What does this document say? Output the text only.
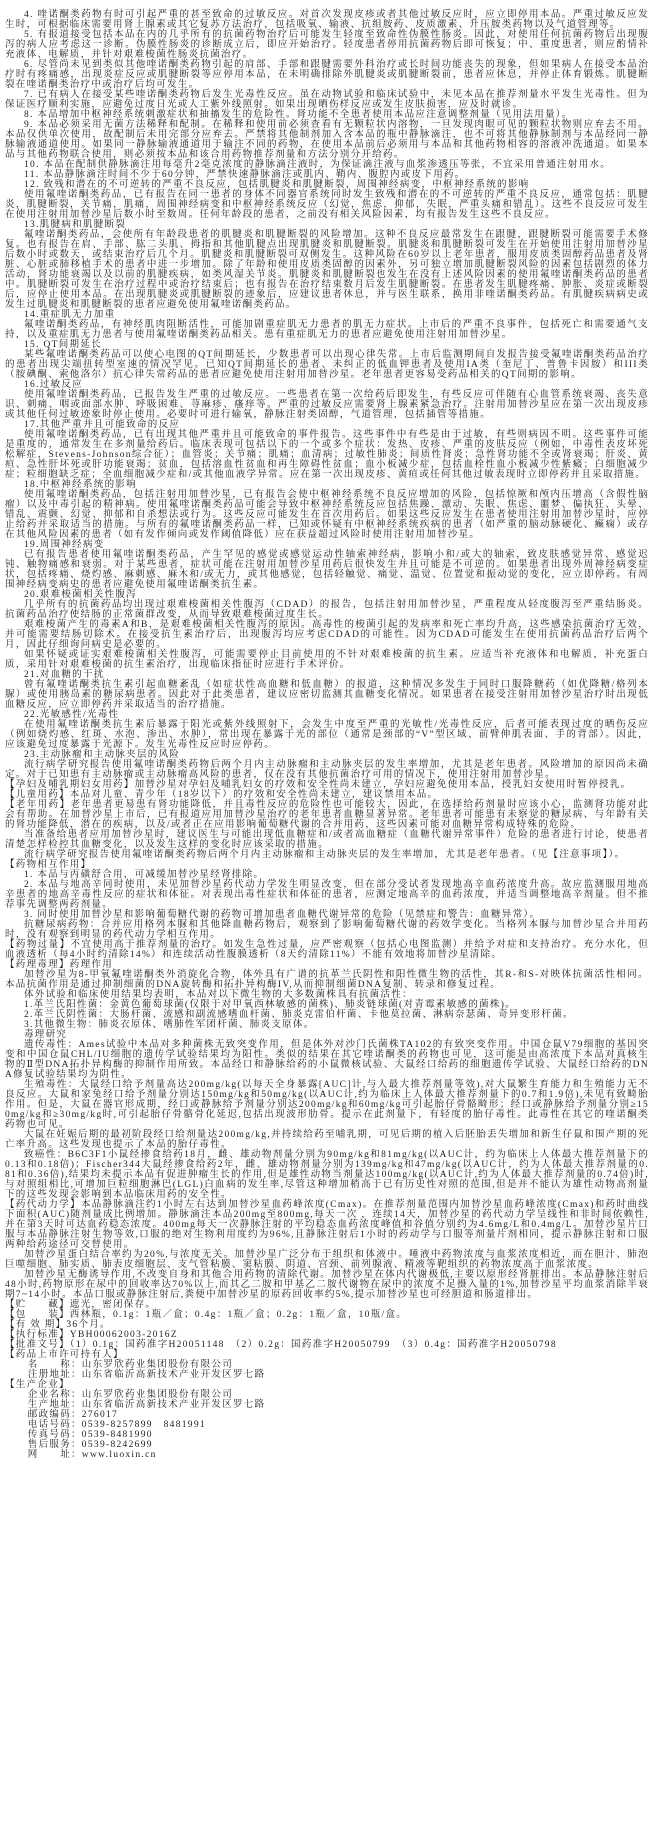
4. 喹诺酮类药物有时可引起严重的甚至致命的过敏反应。对首次发现皮疹或者其他过敏反应时，应立即停用本品。严重过敏反应发生时，可根据临床需要用肾上腺素或其它复苏方法治疗，包括吸氧、输液、抗组胺药、皮质激素、升压胺类药物以及气道管理等。

5. 有报道接受包括本品在内的几乎所有的抗菌药物治疗后可能发生轻度至致命性伪膜性肠炎。因此，对使用任何抗菌药物后出现腹泻的病人应考虑这一诊断。伪膜性肠炎的诊断成立后，即应开始治疗。轻度患者停用抗菌药物后即可恢复；中、重度患者，则应酌情补充液体、电解质，并针对艰难梭菌性肠炎抗菌治疗。

6. 尽管尚未见到类似其他喹诺酮类药物引起的肩部、手部和跟腱需要外科治疗或长时间功能丧失的现象，但如果病人在接受本品治疗时有疼痛感，出现炎症反应或肌腱断裂等应停用本品，在未明确排除外肌腱炎或肌腱断裂前，患者应休息，并停止体育锻炼。肌腱断裂在喹诺酮类治疗中或治疗后均可发生。

7. 已有病人在接受某些喹诺酮类药物后发生光毒性反应。虽在动物试验和临床试验中，未见本品在推荐剂量水平发生光毒性。但为保证医疗顺利实施，应避免过度日光或人工紫外线照射。如果出现晒伤样反应或发生皮肤损害，应及时就诊。

8. 本品增加中枢神经系统刺激症状和抽搐发生的危险性。肾功能不全患者使用本品应注意调整剂量（见用法用量）。

9. 本品必须采用无菌方法稀释和配制。在稀释和使用前必须查看有无颗粒状内溶物，一旦发现肉眼可见的颗粒状物则应弃去不用。本品仅供单次使用，故配制后未用完部分应弃去。严禁将其他制剂加入含本品的瓶中静脉滴注，也不可将其他静脉制剂与本品经同一静脉输液通道使用。如果同一静脉输液通道用于输注不同的药物，在使用本品前后必须用与本品和其他药物相容的溶液冲洗通道。如果本品与其他药物联合使用，则必须按本品和该合用药物推荐剂量和方法分别分开给药。

10. 本品在配制供静脉滴注用每毫升2毫克浓度的静脉滴注液时，为保证滴注液与血浆渗透压等张，不宜采用普通注射用水。

11. 本品静脉滴注时间不少于60分钟，严禁快速静脉滴注或肌内、鞘内、腹腔内或皮下用药。

12. 致残和潜在的不可逆转的严重不良反应，包括肌腱炎和肌腱断裂，周围神经病变，中枢神经系统的影响

使用氟喹诺酮类药品，已有报告在同一患者的身体不同器官系统同时发生致残和潜在的不可逆转的严重不良反应，通常包括：肌腱炎，肌腱断裂，关节痛，肌痛，周围神经病变和中枢神经系统反应（幻觉，焦虑，抑郁，失眠，严重头痛和错乱）。这些不良反应可发生在使用注射用加替沙星后数小时至数周。任何年龄段的患者，之前没有相关风险因素，均有报告发生这些不良反应。

13.肌腱病和肌腱断裂

氟喹诺酮类药品，会使所有年龄段患者的肌腱炎和肌腱断裂的风险增加。这种不良反应最常发生在跟腱，跟腱断裂可能需要手术修复。也有报告在肩、手部、肱二头肌、拇指和其他肌腱点出现肌腱炎和肌腱断裂。肌腱炎和肌腱断裂可发生在开始使用注射用加替沙星后数小时或数天，或结束治疗后几个月。肌腱炎和肌腱断裂可双侧发生。这种风险在60岁以上老年患者，服用皮质类固醇药品患者及肾脏、心脏或肺移植手术的患者中进一步增加。除了年龄和使用皮质类固醇的因素外，另可独立增加肌腱断裂风险的因素包括剧烈的体力活动，肾功能衰竭以及以前的肌腱疾病，如类风湿关节炎。肌腱炎和肌腱断裂也发生在没有上述风险因素的使用氟喹诺酮类药品的患者中。肌腱断裂可发生在治疗过程中或治疗结束后；也有报告在治疗结束数月后发生肌腱断裂。在患者发生肌腱疼痛、肿胀、炎症或断裂后，应停止使用本品。在出现肌腱炎或肌腱断裂的迹象后，应建议患者休息，并与医生联系，换用非喹诺酮类药品。有肌腱疾病病史或发生过肌腱炎和肌腱断裂的患者应避免使用氟喹诺酮类药品。

14.重症肌无力加重

氟喹诺酮类药品，有神经肌肉阻断活性，可能加剧重症肌无力患者的肌无力症状。上市后的严重不良事件，包括死亡和需要通气支持，以及重症肌无力患者与使用氟喹诺酮类药品相关。患有重症肌无力的患者应避免使用注射用加替沙星。

15. QT间期延长

某些氟喹诺酮类药品可以使心电图的QT间期延长，少数患者可以出现心律失常。上市后监测期间自发报告接受氟喹诺酮类药品治疗的患者出现尖端扭转型室速的情况罕见。已知QT间期延长的患者、未纠正的低血钾患者及使用IA类（奎尼丁、普鲁卡因胺）和III类（胺碘酮、索他洛尔）抗心律失常药品的患者应避免使用注射用加替沙星。老年患者更容易受药品相关的QT间期的影响。

16.过敏反应

使用氟喹诺酮类药品，已报告发生严重的过敏反应。一些患者在第一次给药后即发生，有些反应可伴随有心血管系统衰竭、丧失意识、刺痛、咽或面部水肿、呼吸困难、荨麻疹、瘙痒等。严重的过敏反应需要肾上腺素紧急治疗。注射用加替沙星应在第一次出现皮疹或其他任何过敏迹象时停止使用。必要时可进行输氧，静脉注射类固醇，气道管理，包括插管等措施。

17.其他严重并且可能致命的反应

使用氟喹诺酮类药品，已有出现其他严重并且可能致命的事件报告。这些事件中有些是由于过敏，有些则病因不明。这些事件可能是重度的，通常发生在多剂量给药后。临床表现可包括以下的一个或多个症状：发热、皮疹、严重的皮肤反应（例如，中毒性表皮坏死松解症，Stevens-Johnson综合征）；血管炎；关节痛；肌痛；血清病；过敏性肺炎；间质性肾炎；急性肾功能不全或肾衰竭；肝炎、黄疸、急性肝坏死或肝功能衰竭；贫血，包括溶血性贫血和再生障碍性贫血；血小板减少症，包括血栓性血小板减少性紫癜；白细胞减少症；粒细胞缺乏症；全血细胞减少症和/或其他血液学异常。应在第一次出现皮疹、黄疸或任何其他过敏表现时立即停药并且采取措施。

18.中枢神经系统的影响

使用氟喹诺酮类药品，包括注射用加替沙星，已有报告会使中枢神经系统不良反应增加的风险，包括惊厥和颅内压增高（含假性脑瘤）以及中毒引起的精神病。使用氟喹诺酮类药品可能会导致中枢神经系统反应包括焦躁、激动、失眠、焦虑、噩梦、偏执狂、头晕、错乱、震颤、幻觉、抑郁和自杀想法或行为。这些反应可能发生在首次用药后。如果这些反应发生在患者使用注射用加替沙星时，应停止给药并采取适当的措施。与所有的氟喹诺酮类药品一样，已知或怀疑有中枢神经系统疾病的患者（如严重的脑动脉硬化、癫痫）或存在其他风险因素的患者（如有发作倾向或发作阈值降低）应在获益超过风险时使用注射用加替沙星。

19.周围神经病变

已有报告患者使用氟喹诺酮类药品，产生罕见的感觉或感觉运动性轴索神经病，影响小和/或大的轴索，致皮肤感觉异常、感觉迟钝、触物痛感和衰弱。对于某些患者，症状可能在注射用加替沙星用药后很快发生并且可能是不可逆的。如果患者出现外周神经病变症状，包括疼痛、烧灼感、麻刺感、麻木和/或无力，或其他感觉，包括轻触觉、痛觉、温觉、位置觉和振动觉的变化，应立即停药。有周围神经病变病史的患者应避免使用氟喹诺酮类抗生素。

20.艰难梭菌相关性腹泻

几乎所有的抗菌药品均出现过艰难梭菌相关性腹泻（CDAD）的报告，包括注射用加替沙星，严重程度从轻度腹泻至严重结肠炎。抗菌药品治疗使结肠的正常菌群改变，从而导致艰难梭菌过度生长。

艰难梭菌产生的毒素A和B，是艰难梭菌相关性腹泻的原因。高毒性的梭菌引起的发病率和死亡率均升高，这些感染抗菌治疗无效，并可能需要结肠切除术。在接受抗生素治疗后，出现腹泻均应考虑CDAD的可能性。因为CDAD可能发生在使用抗菌药品治疗后两个月，因此仔细询问病史是必要的。

如果怀疑或证实艰难梭菌相关性腹泻，可能需要停止目前使用的不针对艰难梭菌的抗生素。应适当补充液体和电解质，补充蛋白质，采用针对艰难梭菌的抗生素治疗，出现临床指征时应进行手术评价。

21.对血糖的干扰

曾有氟喹诺酮类抗生素引起血糖紊乱（如症状性高血糖和低血糖）的报道，这种情况多发生于同时口服降糖药（如优降糖/格列本脲）或使用胰岛素的糖尿病患者。因此对于此类患者，建议应密切监测其血糖变化情况。如果患者在接受注射用加替沙星治疗时出现低血糖反应，应立即停药并采取适当的治疗措施。

22.光敏感性/光毒性

在使用氟喹诺酮类抗生素后暴露于阳光或紫外线照射下，会发生中度至严重的光敏性/光毒性反应，后者可能表现过度的晒伤反应（例如烧灼感、红斑、水泡、渗出、水肿），常出现在暴露于光的部位（通常是颈部的“V”型区域、前臂伸肌表面、手的背部）。因此，应该避免过度暴露于光源下。发生光毒性反应时应停药。

23.主动脉瘤和主动脉夹层的风险

流行病学研究报告使用氟喹诺酮类药物后两个月内主动脉瘤和主动脉夹层的发生率增加，尤其是老年患者。风险增加的原因尚未确定。对于已知患有主动脉瘤或主动脉瘤高风险的患者，仅在没有其他抗菌治疗可用的情况下，使用注射用加替沙星。

【孕妇及哺乳期妇女用药】加替沙星对孕妇及哺乳妇女的疗效和安全性尚未建立，孕妇应避免使用本品，授乳妇女使用时暂停授乳。

【儿童用药】本品对儿童、青少年（18岁以下）的疗效和安全性尚未建立，建议禁用本品。

【老年用药】老年患者更易患有肾功能降低，并且毒性反应的危险性也可能较大，因此，在选择给药剂量时应该小心，监测肾功能对此会有帮助。在加替沙星上市后，已有报道应用加替沙星治疗的老年患者血糖显著异常。老年患者可能患有未察觉的糖尿病、与年龄有关的肾功能降低，潜在的疾病，以及/或者正在应用影响葡萄糖代谢的合并用药，这些因素可能对血糖异常构成特殊的危险。

当准备给患者应用加替沙星时，建议医生与可能出现低血糖症和/或者高血糖症（血糖代谢异常事件）危险的患者进行讨论，使患者清楚怎样检控其血糖变化，以及发生这样的变化时应该采取的措施。

流行病学研究报告使用氟喹诺酮类药物后两个月内主动脉瘤和主动脉夹层的发生率增加，尤其是老年患者。（见【注意事项】）。

【药物相互作用】

1. 本品与丙磺舒合用，可减缓加替沙星经肾排除。

2. 本品与地高辛同时使用，未见加替沙星药代动力学发生明显改变，但在部分受试者发现地高辛血药浓度升高。故应监测服用地高辛患者的地高辛毒性反应的症状和体征。对表现出毒性症状和体征的患者，应测定地高辛的血药浓度，并适当调整地高辛剂量。但不推荐事先调整两药剂量。

3. 同时使用加替沙星和影响葡萄糖代谢的药物可增加患者血糖代谢异常的危险（见禁症和警告：血糖异常）。

抗糖尿病药物：合并应用格列本脲和其他降血糖药物后，观察到了影响葡萄糖代谢的药效学变化。当格列本脲与加替沙星合并用药时，没有观察到明显的药代动力学相互作用。

【药物过量】不宜使用高于推荐剂量的治疗。如发生急性过量，应严密观察（包括心电图监测）并给予对症和支持治疗。充分水化，但血液透析（每4小时约清除14%）和连续活动性腹膜透析（8天约清除11%）不能有效地将加替沙星清除。

【药理毒理】药理作用

加替沙星为8-甲氧氟喹诺酮类外消旋化合物，体外具有广谱的抗革兰氏阴性和阳性微生物的活性，其R-和S-对映体抗菌活性相同。本品抗菌作用是通过抑制细菌的DNA旋转酶和拓扑异构酶IV,从而抑制细菌DNA复制、转录和修复过程。

体外试验和临床使用结果均表明，本品对以下微生物的大多数菌株具有抗菌活性：

1.革兰氏阳性菌：金黄色葡萄球菌(仅限于对甲氧西林敏感的菌株)、肺炎链球菌(对青霉素敏感的菌株)。

2.革兰氏阴性菌：大肠杆菌、流感和副流感嗜血杆菌、肺炎克雷伯杆菌、卡他莫拉菌、淋病奈瑟菌、奇异变形杆菌。

3.其他微生物：肺炎衣原体、嗜肺性军团杆菌、肺炎支原体。

毒理研究

遗传毒性：Ames试验中本品对多种菌株无致突变作用，但是体外对沙门氏菌株TA102的有致突变作用。中国仓鼠V79细胞的基因突变和中国仓鼠CHL/IU细胞的遗传学试验结果均为阳性。类似的结果在其它喹诺酮类的药物也可见，这可能是由高浓度下本品对真核生物的Ⅱ型DNA拓扑异构酶的抑制作用所致。本品经口和静脉给药的小鼠微核试验、大鼠经口给药的细胞遗传学试验、大鼠经口给药的DNA修复试验结果均为阴性。

生殖毒性：大鼠经口给予剂量高达200mg/kg(以每天全身暴露[AUC]计,与人最大推荐剂量等效),对大鼠繁生育能力和生殖能力无不良反应。大鼠和家兔经口给予剂量分别达150mg/kg和50mg/kg(以AUC计,约为临床上人体最大推荐剂量下的0.7和1.9倍),未见有致畸胎作用。但是，大鼠在器官形成期，经口或静脉给予剂量分别达200mg/kg和60mg/kg可引起胎仔骨骼畸形；经口或静脉给予剂量分别≥150mg/kg和≥30mg/kg时,可引起胎仔骨骼骨化延迟,包括出现波形肋骨。提示在此剂量下，有轻度的胎仔毒性。此毒性在其它的喹诺酮类药物也可见。

大鼠在妊娠后期的最初阶段经口给剂量达200mg/kg,并持续给药至哺乳期，可见后期的植入后胚胎丢失增加和新生仔鼠和围产期的死亡率升高。这些发现也提示了本品的胎仔毒性。

致癌性：B6C3F1小鼠经掺食给药18月，雌、雄动物剂量分别为90mg/kg和81mg/kg(以AUC计，约为临床上人体最大推荐剂量下的0.13和0.18倍)；Fischer344大鼠经掺食给药2年，雌、雄动物剂量分别为139mg/kg和47mg/kg(以AUC计，约为人体最大推荐剂量的0.81和0.36倍),结果均未提示本品有促进肿瘤生长的作用,但是雄性动物当剂量达100mg/kg(以AUC计,约为人体最大推荐剂量的0.74倍)时,与对照组相比,可增加巨粒细胞淋巴(LGL)白血病的发生率,尽管这种增加稍高于已有历史性对照的范围,但是并不能认为雄性动物高剂量下的这些发现会影响到本品临床用药的安全性。

【药代动力学】本品静脉滴注约1小时左右达到加替沙星血药峰浓度(Cmax)。在推荐剂量范围内加替沙星血药峰浓度(Cmax)和药时曲线下面积(AUC)随剂量成比例增加。静脉滴注本品200mg至800mg,每天一次 ，连续14天，加替沙星的药代动力学呈线性和非时间依赖性,并在第3天时可达血药稳态浓度。400mg每天一次静脉注射的平均稳态血药浓度峰值和谷值分别约为4.6mg/L和0.4mg/L。加替沙星片口服与本品静脉注射生物等效,口服的绝对生物利用度约为96%,且静脉注射后1小时的药动学与口服等剂量片剂相同，提示静脉注射和口服两种给药途径可交替使用。

加替沙星蛋白结合率约为20%,与浓度无关。加替沙星广泛分布于组织和体液中。唾液中药物浓度与血浆浓度相近，而在胆汁、肺泡巨噬细胞、肺实质、肺表皮细胞层、支气管粘膜、窦粘膜、阴道、宫颈、前列腺液、精液等靶组织的药物浓度高于血浆浓度。

加替沙星无酶诱导作用,不改变自身和其他合用药物的清除代谢。加替沙星在体内代谢极低,主要以原形经肾脏排出。本品静脉注射后48小时,药物原形在尿中的回收率达70%以上,而其乙二胺和甲基乙二胺代谢物在尿中的浓度不足摄入量的1%,加替沙星平均血浆消除半衰期7~14小时。本品口服或静脉注射后,粪便中加替沙星的原药回收率约5%,提示加替沙星也可经胆道和肠道排出。

【贮　　藏】遮光，密闭保存。

【包　　装】西林瓶，0.1g：1瓶／盒；0.4g：1瓶／盒；0.2g：1瓶／盒，10瓶/盒。

【有 效 期】36个月。

【执行标准】YBH00062003-2016Z

【批准文号】（1）0.1g：国药准字H20051148　（2）0.2g：国药准字H20050799　（3）0.4g：国药准字H20050798

【药品上市许可持有人】

名　　称：山东罗欣药业集团股份有限公司

注册地址：山东省临沂高新技术产业开发区罗七路

【生产企业】

企业名称：山东罗欣药业集团股份有限公司

生产地址：山东省临沂高新技术产业开发区罗七路

邮政编码：276017

电话号码：0539-8257899　8481991

传真号码：0539-8481990

售后服务：0539-8242699

网　　址：www.luoxin.cn
